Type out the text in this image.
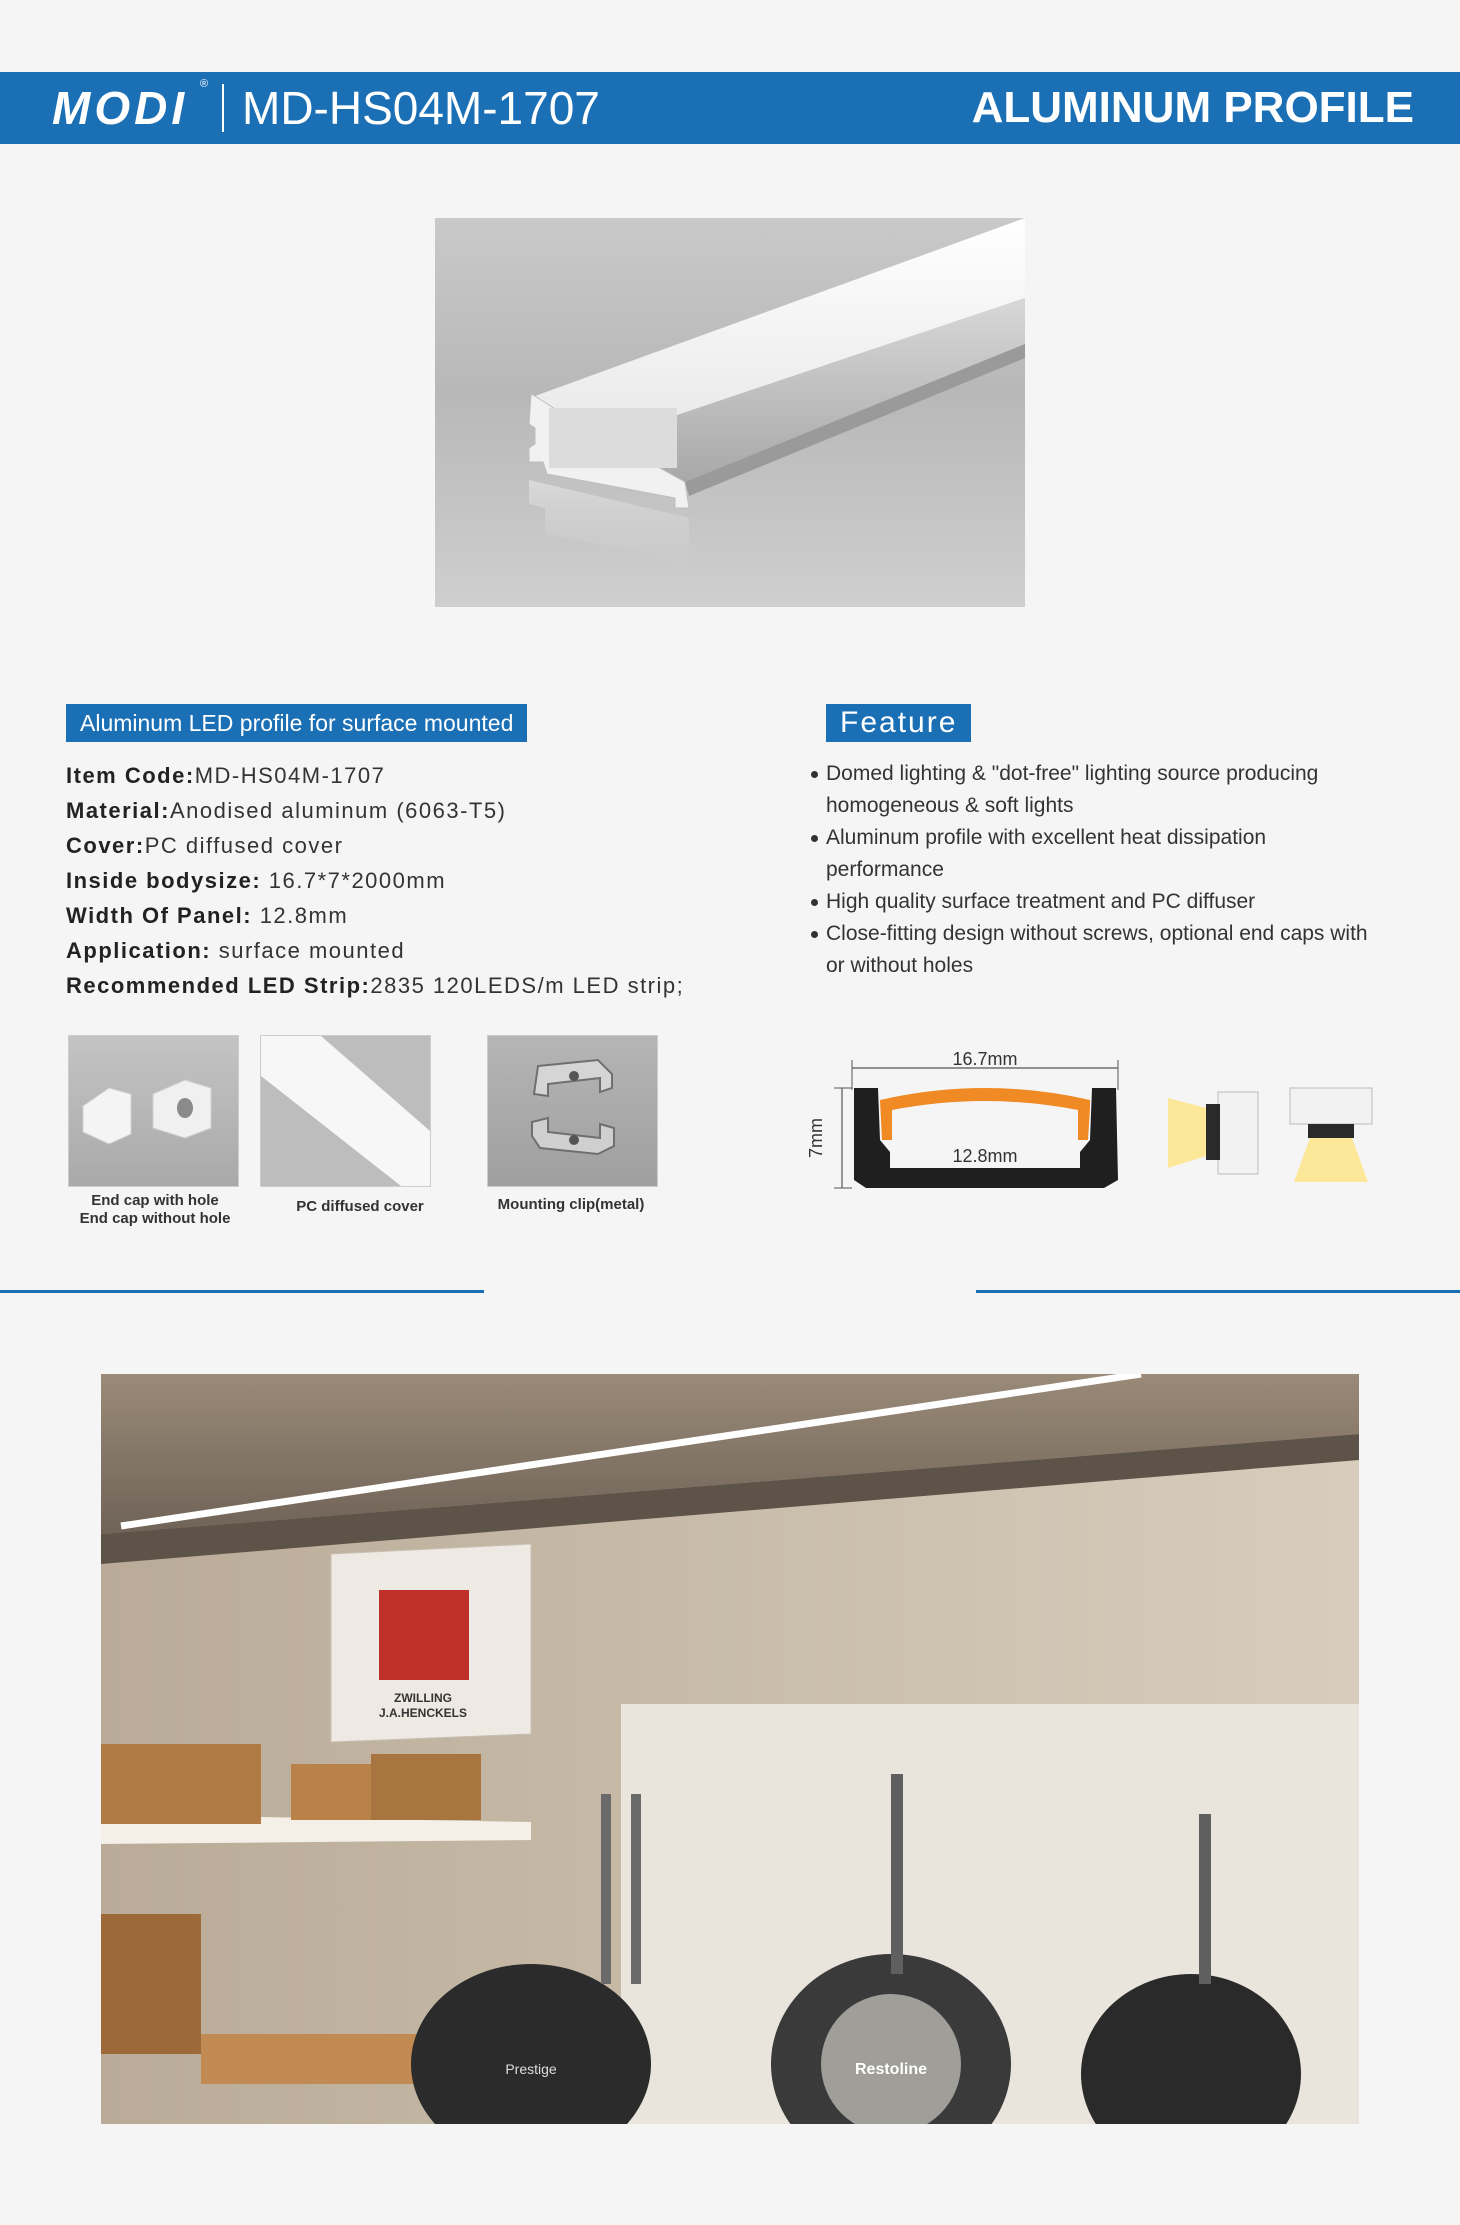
MODI ® MD-HS04M-1707	ALUMINUM PROFILE
Aluminum LED profile for surface mounted
Item Code:MD-HS04M-1707
Material:Anodised aluminum (6063-T5)
Cover:PC diffused cover
Inside bodysize: 16.7*7*2000mm
Width Of Panel: 12.8mm
Application: surface mounted
Recommended LED Strip:2835 120LEDS/m LED strip;
Feature
Domed lighting & "dot-free" lighting source producing homogeneous & soft lights
Aluminum profile with excellent heat dissipation performance
High quality surface treatment and PC diffuser
Close-fitting design without screws, optional end caps with or without holes
End cap with hole
End cap without hole
PC diffused cover	Mounting clip(metal)
16.7mm
7mm	12.8mm
ZWILLING
J.A.HENCKELS
Restoline
Prestige
